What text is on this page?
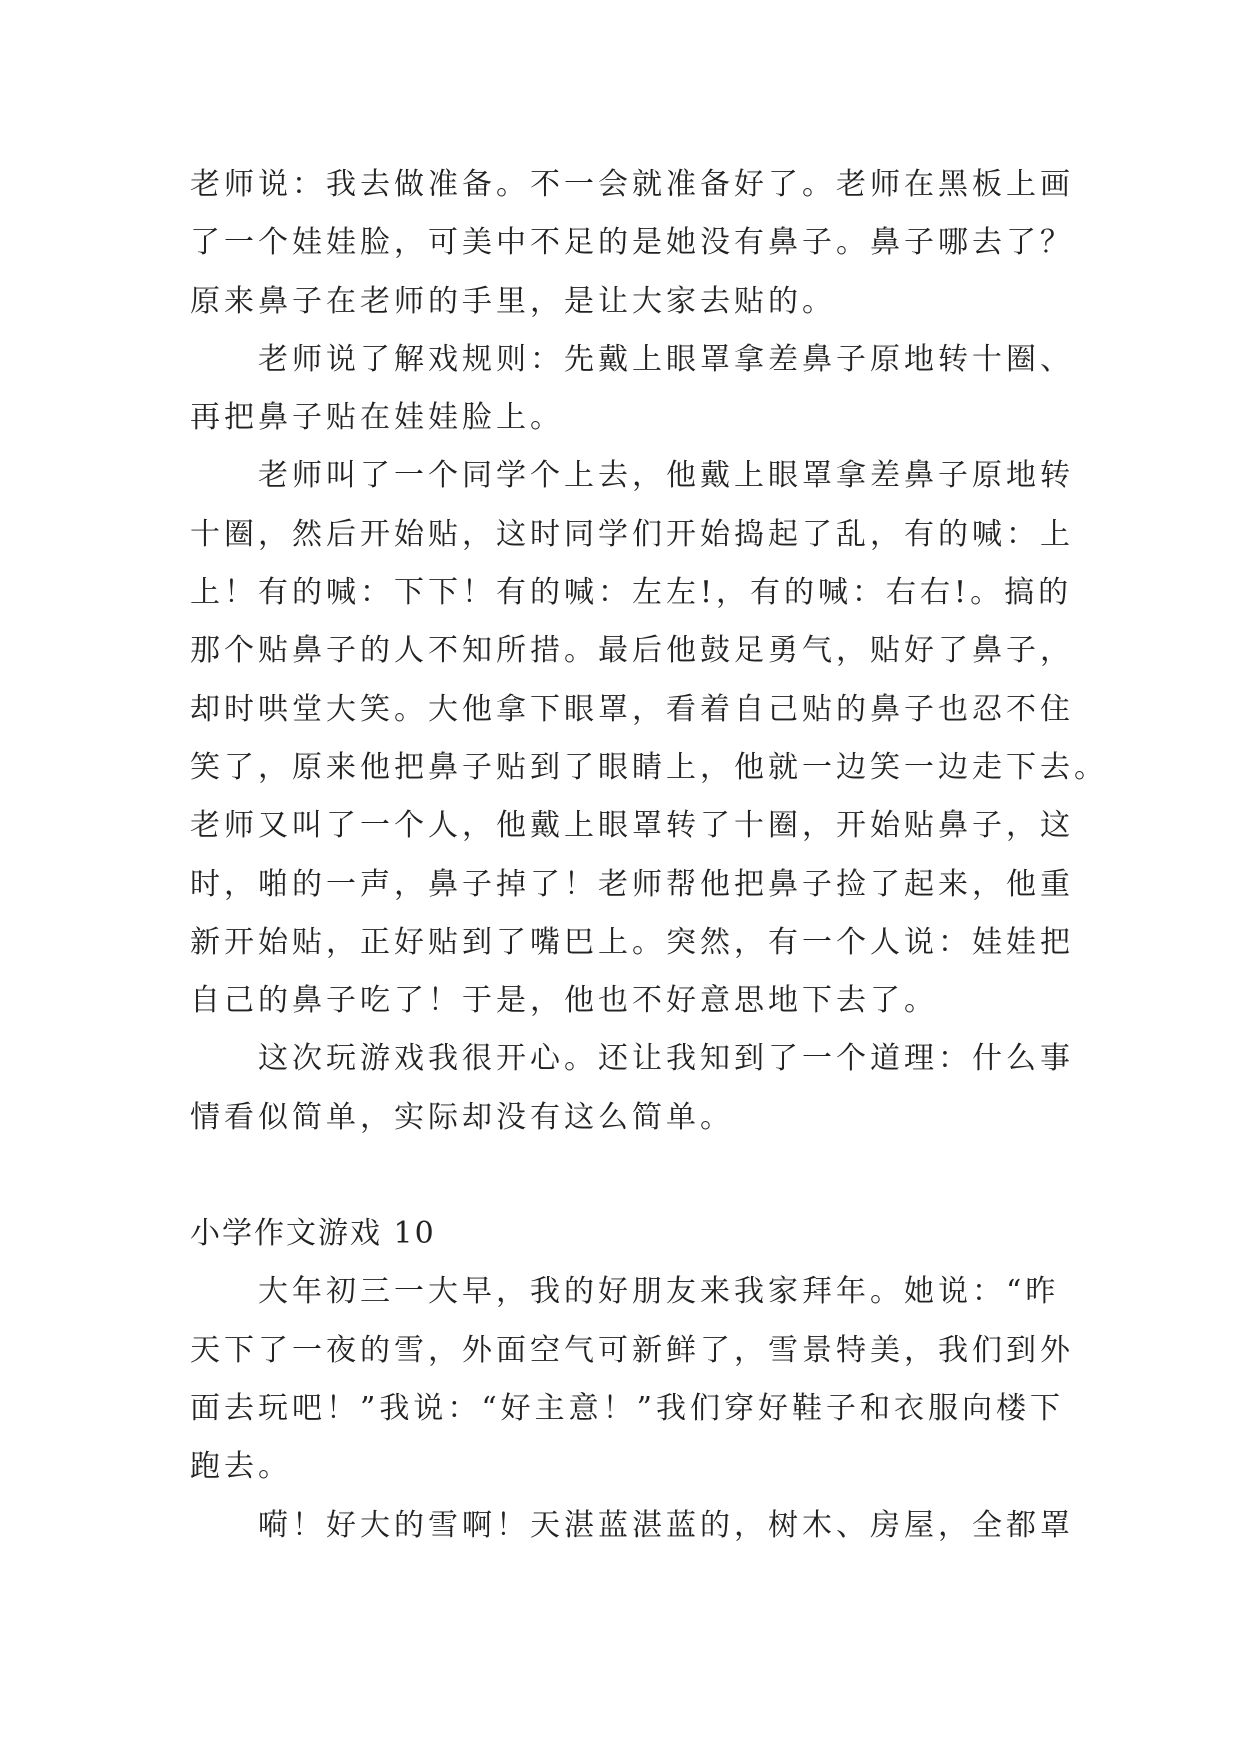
老师说：我去做准备。不一会就准备好了。老师在黑板上画
了一个娃娃脸，可美中不足的是她没有鼻子。鼻子哪去了？
原来鼻子在老师的手里，是让大家去贴的。
老师说了解戏规则：先戴上眼罩拿差鼻子原地转十圈、
再把鼻子贴在娃娃脸上。
老师叫了一个同学个上去，他戴上眼罩拿差鼻子原地转
十圈，然后开始贴，这时同学们开始捣起了乱，有的喊：上
上！有的喊：下下！有的喊：左左!，有的喊：右右!。搞的
那个贴鼻子的人不知所措。最后他鼓足勇气，贴好了鼻子，
却时哄堂大笑。大他拿下眼罩，看着自己贴的鼻子也忍不住
笑了，原来他把鼻子贴到了眼睛上，他就一边笑一边走下去。
老师又叫了一个人，他戴上眼罩转了十圈，开始贴鼻子，这
时，啪的一声，鼻子掉了！老师帮他把鼻子捡了起来，他重
新开始贴，正好贴到了嘴巴上。突然，有一个人说：娃娃把
自己的鼻子吃了！于是，他也不好意思地下去了。
这次玩游戏我很开心。还让我知到了一个道理：什么事
情看似简单，实际却没有这么简单。
小学作文游戏 10
大年初三一大早，我的好朋友来我家拜年。她说：“昨
天下了一夜的雪，外面空气可新鲜了，雪景特美，我们到外
面去玩吧！”我说：“好主意！”我们穿好鞋子和衣服向楼下
跑去。
嗬！好大的雪啊！天湛蓝湛蓝的，树木、房屋，全都罩
